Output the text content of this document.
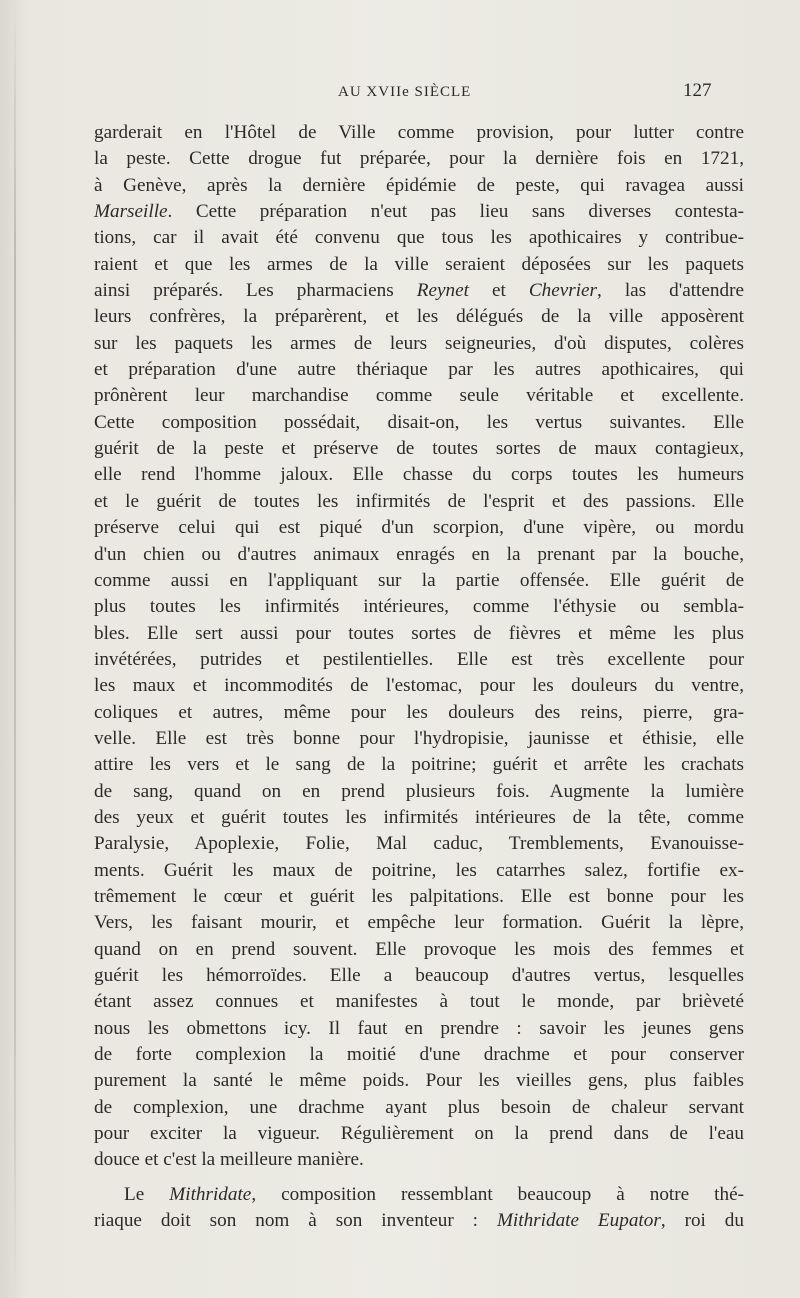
AU XVIIe SIÈCLE	127
garderait en l'Hôtel de Ville comme provision, pour lutter contre
la peste. Cette drogue fut préparée, pour la dernière fois en 1721,
à Genève, après la dernière épidémie de peste, qui ravagea aussi
Marseille. Cette préparation n'eut pas lieu sans diverses contesta-
tions, car il avait été convenu que tous les apothicaires y contribue-
raient et que les armes de la ville seraient déposées sur les paquets
ainsi préparés. Les pharmaciens Reynet et Chevrier, las d'attendre
leurs confrères, la préparèrent, et les délégués de la ville apposèrent
sur les paquets les armes de leurs seigneuries, d'où disputes, colères
et préparation d'une autre thériaque par les autres apothicaires, qui
prônèrent leur marchandise comme seule véritable et excellente.
Cette composition possédait, disait-on, les vertus suivantes. Elle
guérit de la peste et préserve de toutes sortes de maux contagieux,
elle rend l'homme jaloux. Elle chasse du corps toutes les humeurs
et le guérit de toutes les infirmités de l'esprit et des passions. Elle
préserve celui qui est piqué d'un scorpion, d'une vipère, ou mordu
d'un chien ou d'autres animaux enragés en la prenant par la bouche,
comme aussi en l'appliquant sur la partie offensée. Elle guérit de
plus toutes les infirmités intérieures, comme l'éthysie ou sembla-
bles. Elle sert aussi pour toutes sortes de fièvres et même les plus
invétérées, putrides et pestilentielles. Elle est très excellente pour
les maux et incommodités de l'estomac, pour les douleurs du ventre,
coliques et autres, même pour les douleurs des reins, pierre, gra-
velle. Elle est très bonne pour l'hydropisie, jaunisse et éthisie, elle
attire les vers et le sang de la poitrine; guérit et arrête les crachats
de sang, quand on en prend plusieurs fois. Augmente la lumière
des yeux et guérit toutes les infirmités intérieures de la tête, comme
Paralysie, Apoplexie, Folie, Mal caduc, Tremblements, Evanouisse-
ments. Guérit les maux de poitrine, les catarrhes salez, fortifie ex-
trêmement le cœur et guérit les palpitations. Elle est bonne pour les
Vers, les faisant mourir, et empêche leur formation. Guérit la lèpre,
quand on en prend souvent. Elle provoque les mois des femmes et
guérit les hémorroïdes. Elle a beaucoup d'autres vertus, lesquelles
étant assez connues et manifestes à tout le monde, par brièveté
nous les obmettons icy. Il faut en prendre : savoir les jeunes gens
de forte complexion la moitié d'une drachme et pour conserver
purement la santé le même poids. Pour les vieilles gens, plus faibles
de complexion, une drachme ayant plus besoin de chaleur servant
pour exciter la vigueur. Régulièrement on la prend dans de l'eau
douce et c'est la meilleure manière.
Le Mithridate, composition ressemblant beaucoup à notre thé-
riaque doit son nom à son inventeur : Mithridate Eupator, roi du
